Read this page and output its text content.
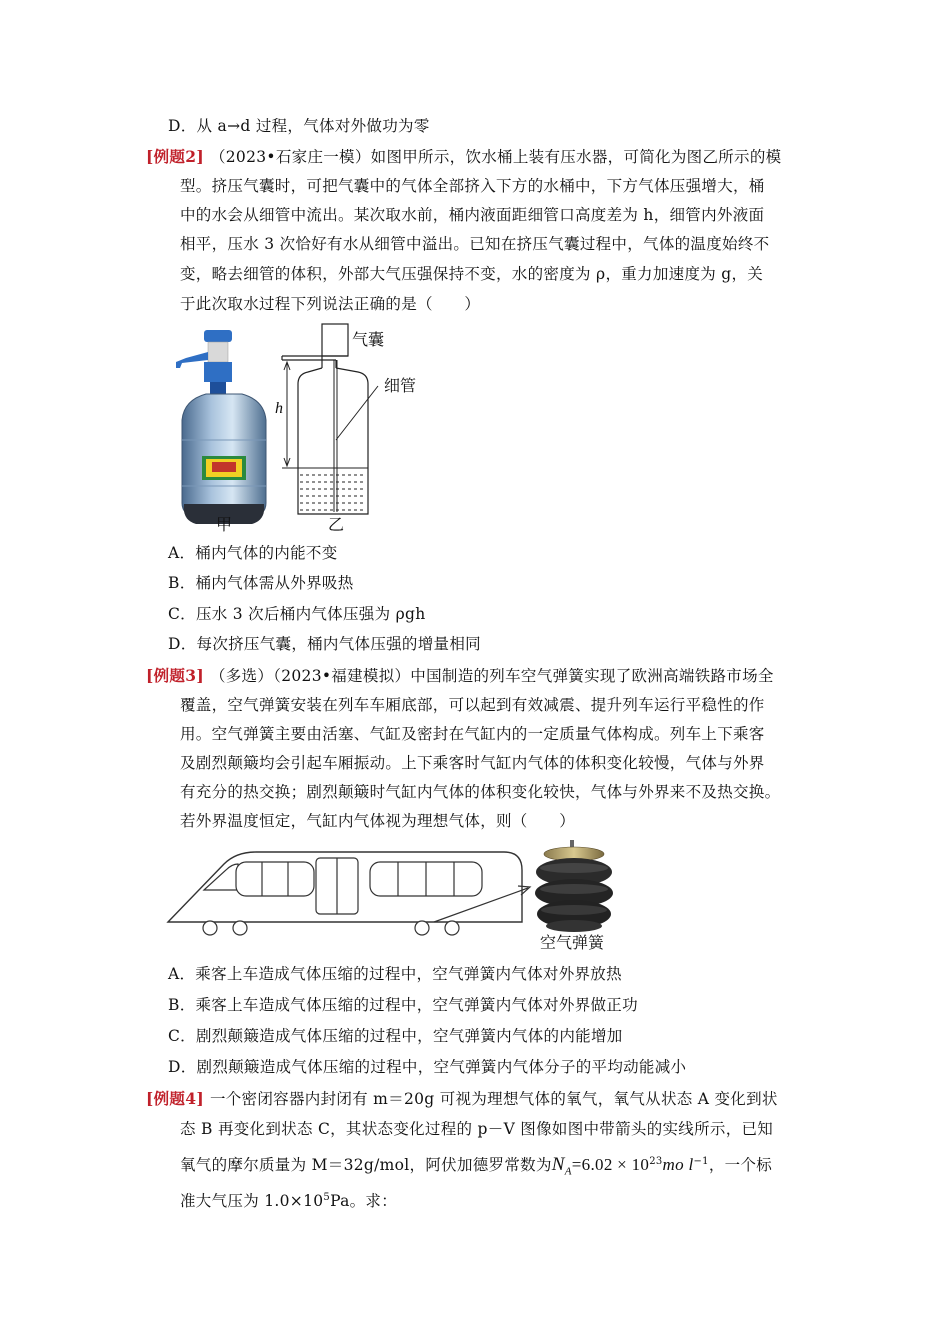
D．从 a→d 过程，气体对外做功为零
[例题2] （2023•石家庄一模）如图甲所示，饮水桶上装有压水器，可简化为图乙所示的模
型。挤压气囊时，可把气囊中的气体全部挤入下方的水桶中，下方气体压强增大，桶
中的水会从细管中流出。某次取水前，桶内液面距细管口高度差为 h，细管内外液面
相平，压水 3 次恰好有水从细管中溢出。已知在挤压气囊过程中，气体的温度始终不
变，略去细管的体积，外部大气压强保持不变，水的密度为 ρ，重力加速度为 g，关
于此次取水过程下列说法正确的是（　　）
甲
h
气囊
细管
乙
A．桶内气体的内能不变
B．桶内气体需从外界吸热
C．压水 3 次后桶内气体压强为 ρgh
D．每次挤压气囊，桶内气体压强的增量相同
[例题3] （多选）（2023•福建模拟）中国制造的列车空气弹簧实现了欧洲高端铁路市场全
覆盖，空气弹簧安装在列车车厢底部，可以起到有效减震、提升列车运行平稳性的作
用。空气弹簧主要由活塞、气缸及密封在气缸内的一定质量气体构成。列车上下乘客
及剧烈颠簸均会引起车厢振动。上下乘客时气缸内气体的体积变化较慢，气体与外界
有充分的热交换；剧烈颠簸时气缸内气体的体积变化较快，气体与外界来不及热交换。
若外界温度恒定，气缸内气体视为理想气体，则（　　）
空气弹簧
A．乘客上车造成气体压缩的过程中，空气弹簧内气体对外界放热
B．乘客上车造成气体压缩的过程中，空气弹簧内气体对外界做正功
C．剧烈颠簸造成气体压缩的过程中，空气弹簧内气体的内能增加
D．剧烈颠簸造成气体压缩的过程中，空气弹簧内气体分子的平均动能减小
[例题4] 一个密闭容器内封闭有 m＝20g 可视为理想气体的氧气，氧气从状态 A 变化到状
态 B 再变化到状态 C，其状态变化过程的 p－V 图像如图中带箭头的实线所示，已知
氧气的摩尔质量为 M＝32g/mol，阿伏加德罗常数为$N_A=6.02 \times 10^{23}mo$ $l^{-1}$，一个标
准大气压为 $1.0\times 10^5Pa$。求：
